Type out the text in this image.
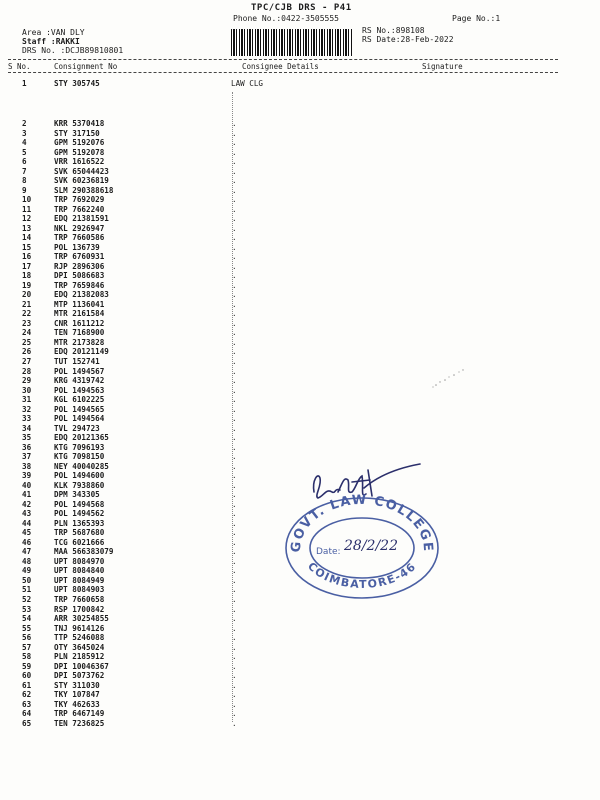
TPC/CJB DRS - P41
Phone No.:0422-3505555	Page No.:1
Area :VAN DLY
Staff :RAKKI
DRS No. :DCJB89810801
RS No.:898108
RS Date:28-Feb-2022
S No.	Consignment No	Consignee Details	Signature
1	STY 305745	LAW CLG
2	KRR 5370418	.
3	STY 317150	.
4	GPM 5192076	.
5	GPM 5192078	.
6	VRR 1616522	.
7	SVK 65044423	.
8	SVK 60236819	.
9	SLM 290388618	.
10	TRP 7692029	.
11	TRP 7662240	.
12	EDQ 21381591	.
13	NKL 2926947	.
14	TRP 7660586	.
15	POL 136739	.
16	TRP 6760931	.
17	RJP 2896306	.
18	DPI 5086683	.
19	TRP 7659846	.
20	EDQ 21382083	.
21	MTP 1136041	.
22	MTR 2161584	.
23	CNR 1611212	.
24	TEN 7168900	.
25	MTR 2173828	.
26	EDQ 20121149	.
27	TUT 152741	.
28	POL 1494567	.
29	KRG 4319742	.
30	POL 1494563	.
31	KGL 6102225	.
32	POL 1494565	.
33	POL 1494564	.
34	TVL 294723	.
35	EDQ 20121365	.
36	KTG 7096193	.
37	KTG 7098150	.
38	NEY 40040285	.
39	POL 1494600	.
40	KLK 7938860	.
41	DPM 343305	.
42	POL 1494568	.
43	POL 1494562	.
44	PLN 1365393	.
45	TRP 5687680	.
46	TCG 6021666	.
47	MAA 566383079	.
48	UPT 8084970	.
49	UPT 8084840	.
50	UPT 8084949	.
51	UPT 8084903	.
52	TRP 7660658	.
53	RSP 1700842	.
54	ARR 30254855	.
55	TNJ 9614126	.
56	TTP 5246088	.
57	OTY 3645024	.
58	PLN 2185912	.
59	DPI 10046367	.
60	DPI 5073762	.
61	STY 311030	.
62	TKY 107847	.
63	TKY 462633	.
64	TRP 6467149	.
65	TEN 7236825	.
GOVT. LAW COLLEGE
COIMBATORE-46
Date: 28/2/22
